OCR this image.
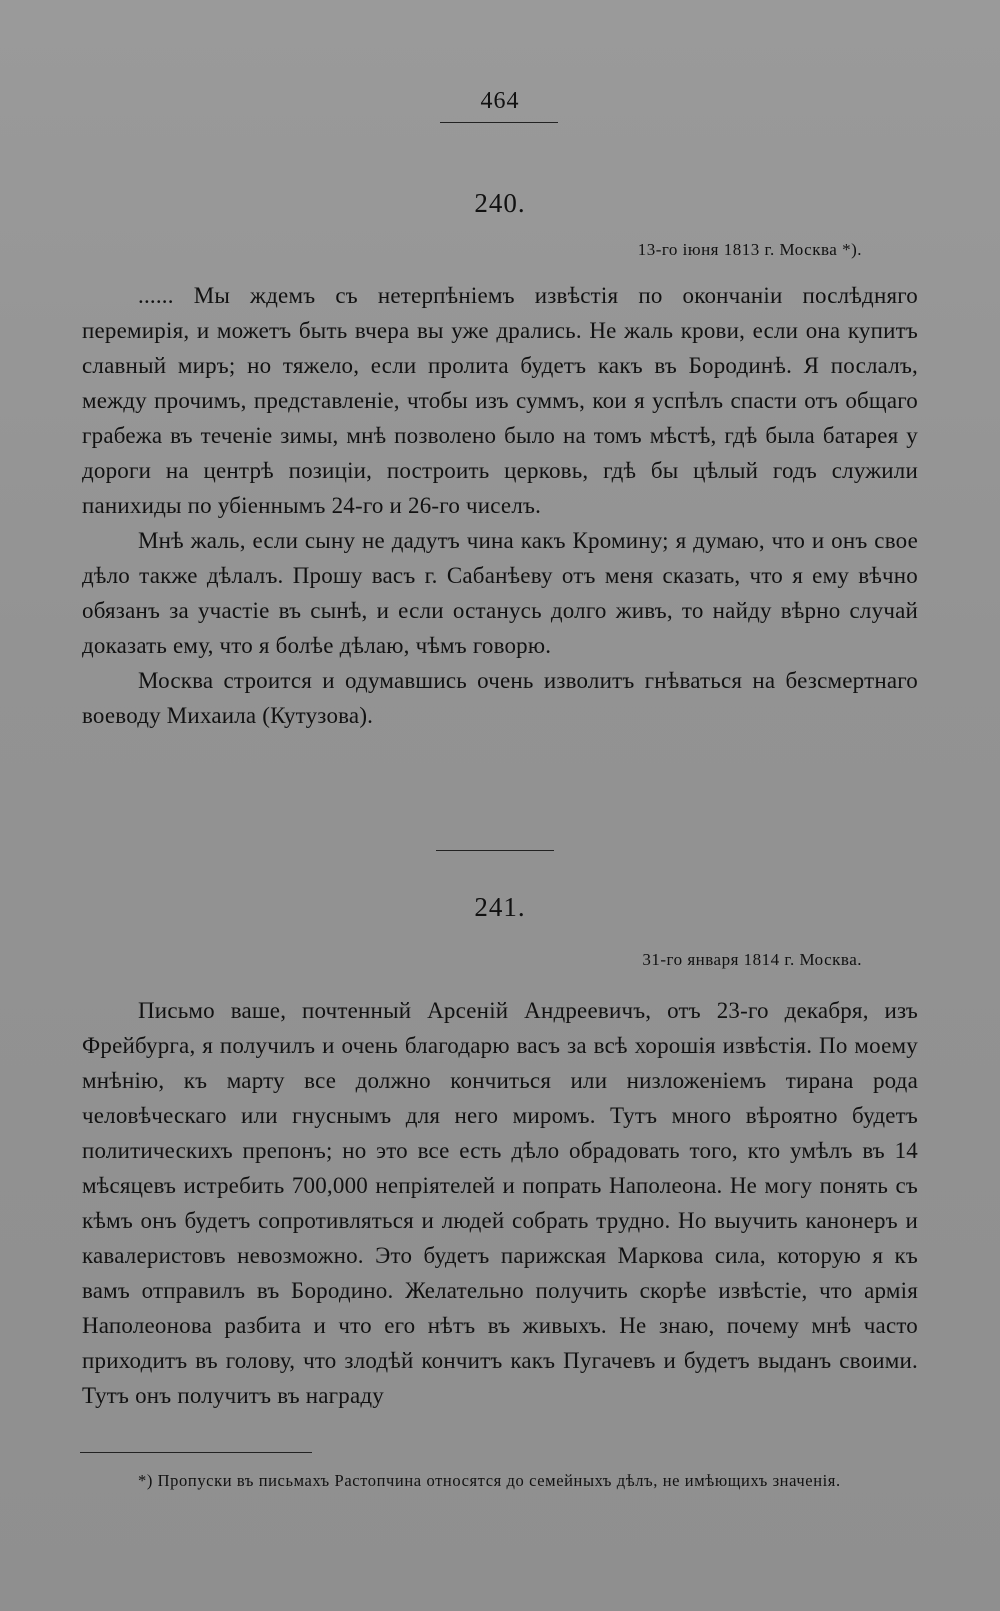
464
240.
13-го іюня 1813 г. Москва *).

...... Мы ждемъ съ нетерпѣніемъ извѣстія по окончаніи послѣдняго перемирія, и можетъ быть вчера вы уже дрались. Не жаль крови, если она купитъ славный миръ; но тяжело, если пролита будетъ какъ въ Бородинѣ. Я послалъ, между прочимъ, представленіе, чтобы изъ суммъ, кои я успѣлъ спасти отъ общаго грабежа въ теченіе зимы, мнѣ позволено было на томъ мѣстѣ, гдѣ была батарея у дороги на центрѣ позиціи, построить церковь, гдѣ бы цѣлый годъ служили панихиды по убіеннымъ 24-го и 26-го чиселъ.

Мнѣ жаль, если сыну не дадутъ чина какъ Кромину; я думаю, что и онъ свое дѣло также дѣлалъ. Прошу васъ г. Сабанѣеву отъ меня сказать, что я ему вѣчно обязанъ за участіе въ сынѣ, и если останусь долго живъ, то найду вѣрно случай доказать ему, что я болѣе дѣлаю, чѣмъ говорю.

Москва строится и одумавшись очень изволитъ гнѣваться на безсмертнаго воеводу Михаила (Кутузова).

241.
31-го января 1814 г. Москва.

Письмо ваше, почтенный Арсеній Андреевичъ, отъ 23-го декабря, изъ Фрейбурга, я получилъ и очень благодарю васъ за всѣ хорошія извѣстія. По моему мнѣнію, къ марту все должно кончиться или низложеніемъ тирана рода человѣческаго или гнуснымъ для него миромъ. Тутъ много вѣроятно будетъ политическихъ препонъ; но это все есть дѣло обрадовать того, кто умѣлъ въ 14 мѣсяцевъ истребить 700,000 непріятелей и попрать Наполеона. Не могу понять съ кѣмъ онъ будетъ сопротивляться и людей собрать трудно. Но выучить канонеръ и кавалеристовъ невозможно. Это будетъ парижская Маркова сила, которую я къ вамъ отправилъ въ Бородино. Желательно получить скорѣе извѣстіе, что армія Наполеонова разбита и что его нѣтъ въ живыхъ. Не знаю, почему мнѣ часто приходитъ въ голову, что злодѣй кончитъ какъ Пугачевъ и будетъ выданъ своими. Тутъ онъ получитъ въ награду

*) Пропуски въ письмахъ Растопчина относятся до семейныхъ дѣлъ, не имѣющихъ значенія.
